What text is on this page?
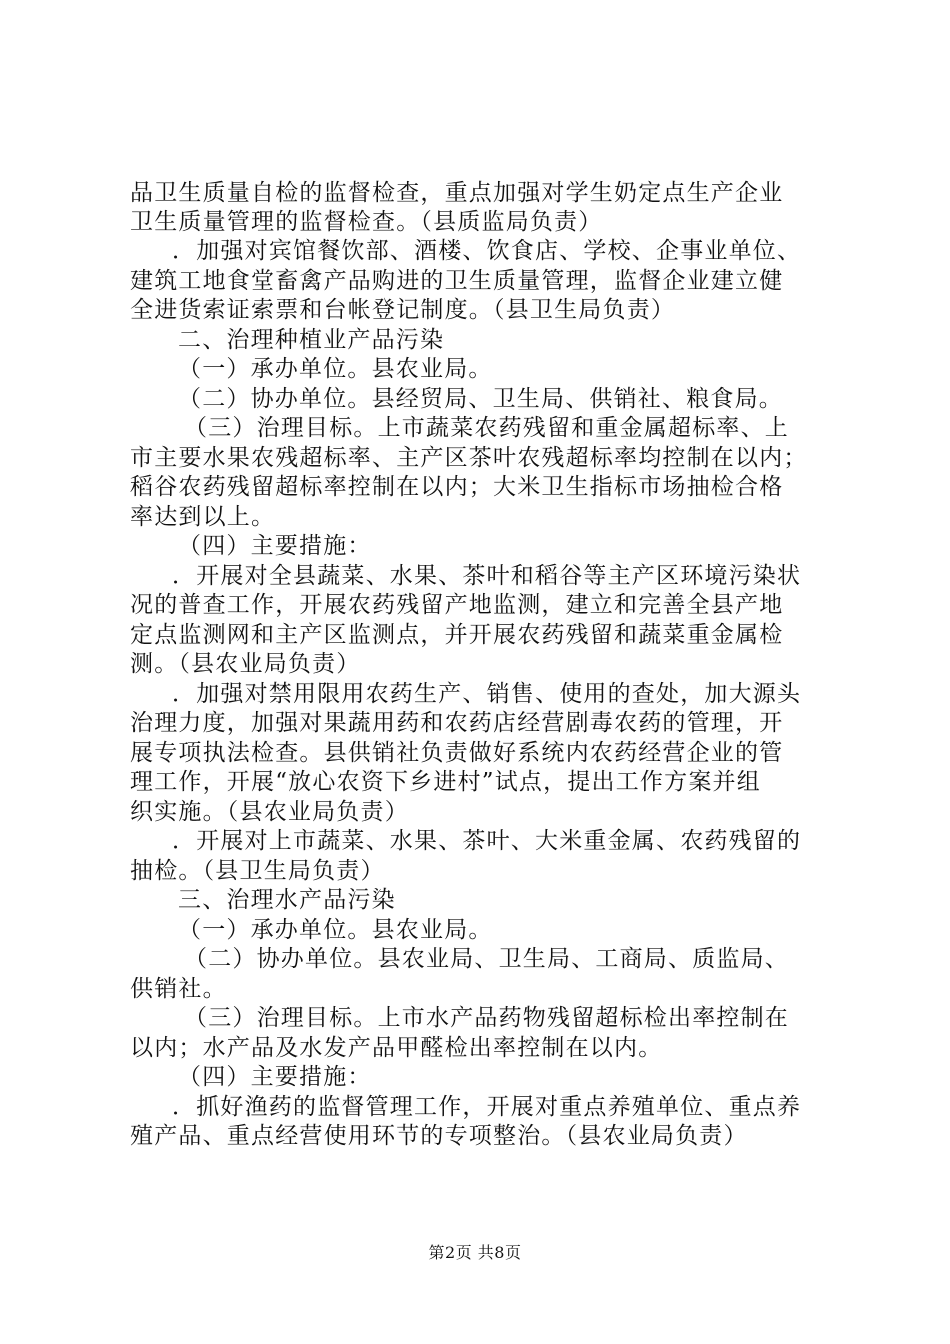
品卫生质量自检的监督检查，重点加强对学生奶定点生产企业
卫生质量管理的监督检查。（县质监局负责）
．加强对宾馆餐饮部、酒楼、饮食店、学校、企事业单位、
建筑工地食堂畜禽产品购进的卫生质量管理，监督企业建立健
全进货索证索票和台帐登记制度。（县卫生局负责）
二、治理种植业产品污染
（一）承办单位。县农业局。
（二）协办单位。县经贸局、卫生局、供销社、粮食局。
（三）治理目标。上市蔬菜农药残留和重金属超标率、上
市主要水果农残超标率、主产区茶叶农残超标率均控制在以内；
稻谷农药残留超标率控制在以内；大米卫生指标市场抽检合格
率达到以上。
（四）主要措施：
．开展对全县蔬菜、水果、茶叶和稻谷等主产区环境污染状
况的普查工作，开展农药残留产地监测，建立和完善全县产地
定点监测网和主产区监测点，并开展农药残留和蔬菜重金属检
测。（县农业局负责）
．加强对禁用限用农药生产、销售、使用的查处，加大源头
治理力度，加强对果蔬用药和农药店经营剧毒农药的管理，开
展专项执法检查。县供销社负责做好系统内农药经营企业的管
理工作，开展“放心农资下乡进村”试点，提出工作方案并组
织实施。（县农业局负责）
．开展对上市蔬菜、水果、茶叶、大米重金属、农药残留的
抽检。（县卫生局负责）
三、治理水产品污染
（一）承办单位。县农业局。
（二）协办单位。县农业局、卫生局、工商局、质监局、
供销社。
（三）治理目标。上市水产品药物残留超标检出率控制在
以内；水产品及水发产品甲醛检出率控制在以内。
（四）主要措施：
．抓好渔药的监督管理工作，开展对重点养殖单位、重点养
殖产品、重点经营使用环节的专项整治。（县农业局负责）
第2页 共8页
